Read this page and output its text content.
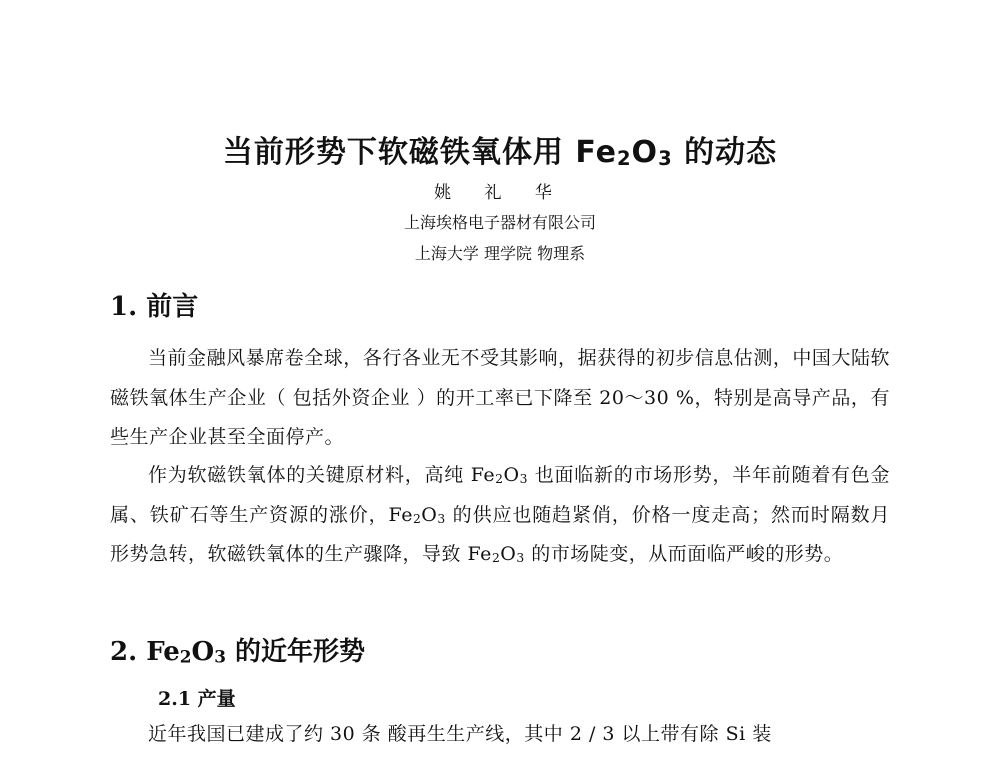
当前形势下软磁铁氧体用 $Fe_2O_3$ 的动态
姚 礼 华
上海埃格电子器材有限公司
上海大学 理学院 物理系
1. 前言
当前金融风暴席卷全球，各行各业无不受其影响，据获得的初步信息估测，中国大陆软磁铁氧体生产企业（ 包括外资企业 ）的开工率已下降至 20～30 %，特别是高导产品，有些生产企业甚至全面停产。
作为软磁铁氧体的关键原材料，高纯 $Fe_2O_3$ 也面临新的市场形势，半年前随着有色金属、铁矿石等生产资源的涨价，$Fe_2O_3$ 的供应也随趋紧俏，价格一度走高；然而时隔数月形势急转，软磁铁氧体的生产骤降，导致 $Fe_2O_3$ 的市场陡变，从而面临严峻的形势。
2. $Fe_2O_3$ 的近年形势
2.1 产量
近年我国已建成了约 30 条 酸再生生产线，其中 2 / 3 以上带有除 Si 装
